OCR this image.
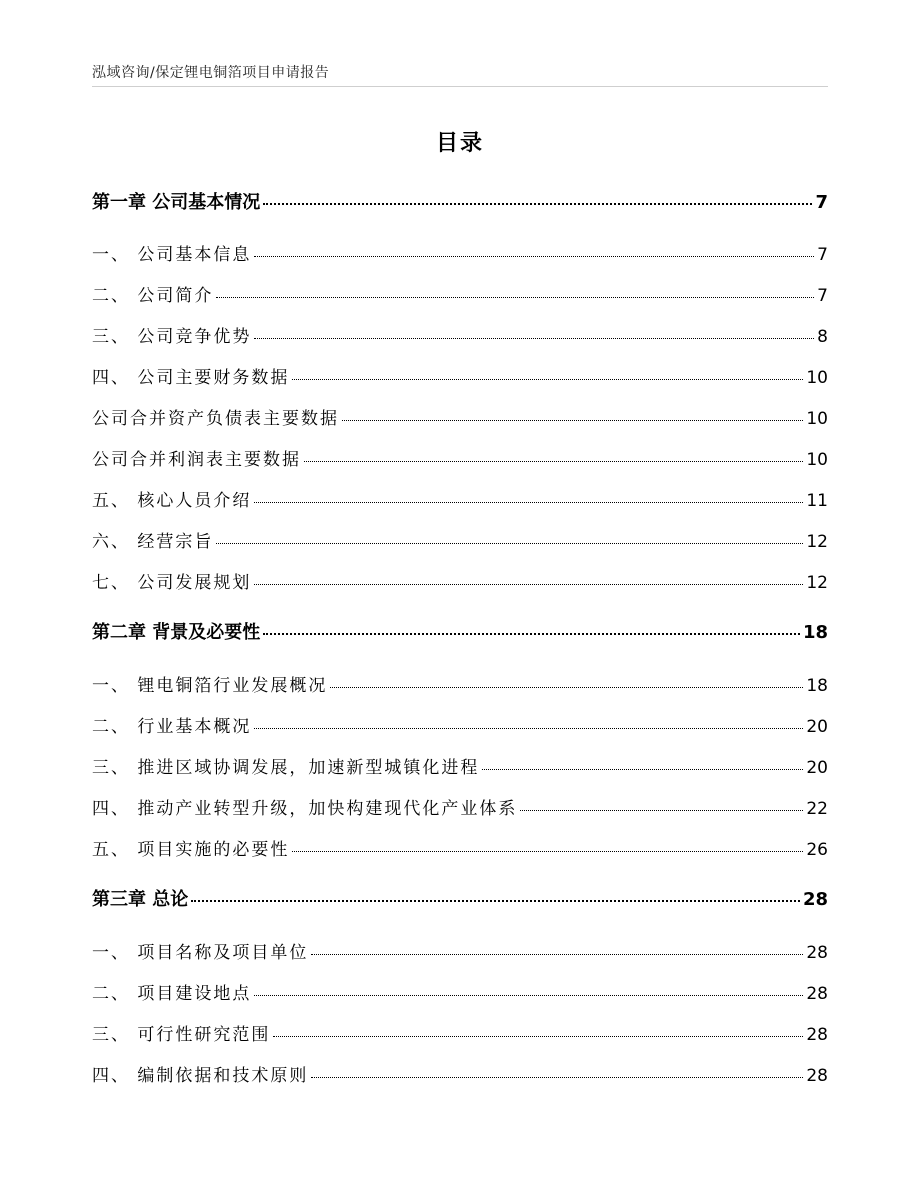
泓域咨询/保定锂电铜箔项目申请报告
目录
第一章 公司基本情况	7
一、 公司基本信息	7
二、 公司简介	7
三、 公司竞争优势	8
四、 公司主要财务数据	10
公司合并资产负债表主要数据	10
公司合并利润表主要数据	10
五、 核心人员介绍	11
六、 经营宗旨	12
七、 公司发展规划	12
第二章 背景及必要性	18
一、 锂电铜箔行业发展概况	18
二、 行业基本概况	20
三、 推进区域协调发展，加速新型城镇化进程	20
四、 推动产业转型升级，加快构建现代化产业体系	22
五、 项目实施的必要性	26
第三章 总论	28
一、 项目名称及项目单位	28
二、 项目建设地点	28
三、 可行性研究范围	28
四、 编制依据和技术原则	28
